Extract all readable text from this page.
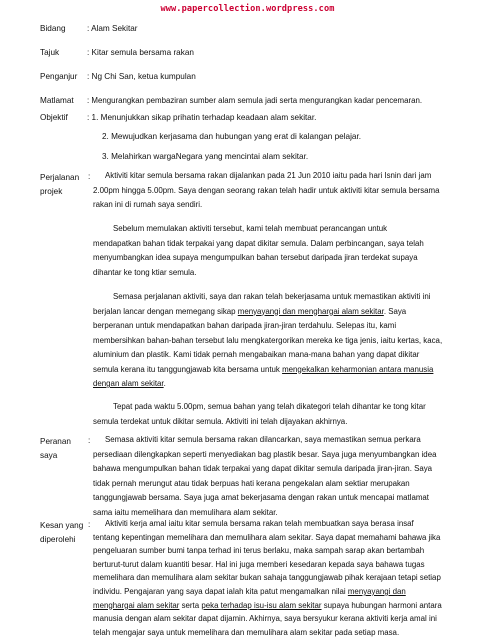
www.papercollection.wordpress.com
Bidang	: Alam Sekitar
Tajuk	: Kitar semula bersama rakan
Penganjur : Ng Chi San, ketua kumpulan
Matlamat : Mengurangkan pembaziran sumber alam semula jadi serta mengurangkan kadar pencemaran.
Objektif : 1. Menunjukkan sikap prihatin terhadap keadaan alam sekitar.
2. Mewujudkan kerjasama dan hubungan yang erat di kalangan pelajar.
3. Melahirkan wargaNegara yang mencintai alam sekitar.
Perjalanan
projek
:	Aktiviti kitar semula bersama rakan dijalankan pada 21 Jun 2010 iaitu pada hari Isnin dari jam

2.00pm hingga 5.00pm. Saya dengan seorang rakan telah hadir untuk aktiviti kitar semula bersama

rakan ini di rumah saya sendiri.

Sebelum memulakan aktiviti tersebut, kami telah membuat perancangan untuk

mendapatkan bahan tidak terpakai yang dapat dikitar semula. Dalam perbincangan, saya telah

menyumbangkan idea supaya mengumpulkan bahan tersebut daripada jiran terdekat supaya

dihantar ke tong ktiar semula.

Semasa perjalanan aktiviti, saya dan rakan telah bekerjasama untuk memastikan aktiviti ini

berjalan lancar dengan memegang sikap menyayangi dan menghargai alam sekitar. Saya

berperanan untuk mendapatkan bahan daripada jiran-jiran terdahulu. Selepas itu, kami

membersihkan bahan-bahan tersebut lalu mengkatergorikan mereka ke tiga jenis, iaitu kertas, kaca,

aluminium dan plastik. Kami tidak pernah mengabaikan mana-mana bahan yang dapat dikitar

semula kerana itu tanggungjawab kita bersama untuk mengekalkan keharmonian antara manusia

dengan alam sekitar.

Tepat pada waktu 5.00pm, semua bahan yang telah dikategori telah dihantar ke tong kitar

semula terdekat untuk dikitar semula. Aktiviti ini telah dijayakan akhirnya.

Peranan
saya
:	Semasa aktiviti kitar semula bersama rakan dilancarkan, saya memastikan semua perkara

persediaan dilengkapkan seperti menyediakan bag plastik besar. Saya juga menyumbangkan idea

bahawa mengumpulkan bahan tidak terpakai yang dapat dikitar semula daripada jiran-jiran. Saya

tidak pernah merungut atau tidak berpuas hati kerana pengekalan alam sektiar merupakan

tanggungjawab bersama. Saya juga amat bekerjasama dengan rakan untuk mencapai matlamat

sama iaitu memelihara dan memulihara alam sekitar.

Kesan yang
diperolehi
:	Aktiviti kerja amal iaitu kitar semula bersama rakan telah membuatkan saya berasa insaf

tentang kepentingan memelihara dan memulihara alam sekitar. Saya dapat memahami bahawa jika

pengeluaran sumber bumi tanpa terhad ini terus berlaku, maka sampah sarap akan bertambah

berturut-turut dalam kuantiti besar. Hal ini juga memberi kesedaran kepada saya bahawa tugas

memelihara dan memulihara alam sekitar bukan sahaja tanggungjawab pihak kerajaan tetapi setiap

individu. Pengajaran yang saya dapat ialah kita patut mengamalkan nilai menyayangi dan

menghargai alam sekitar serta peka terhadap isu-isu alam sekitar supaya hubungan harmoni antara

manusia dengan alam sekitar dapat dijamin. Akhirnya, saya bersyukur kerana aktiviti kerja amal ini

telah mengajar saya untuk memelihara dan memulihara alam sekitar pada setiap masa.
